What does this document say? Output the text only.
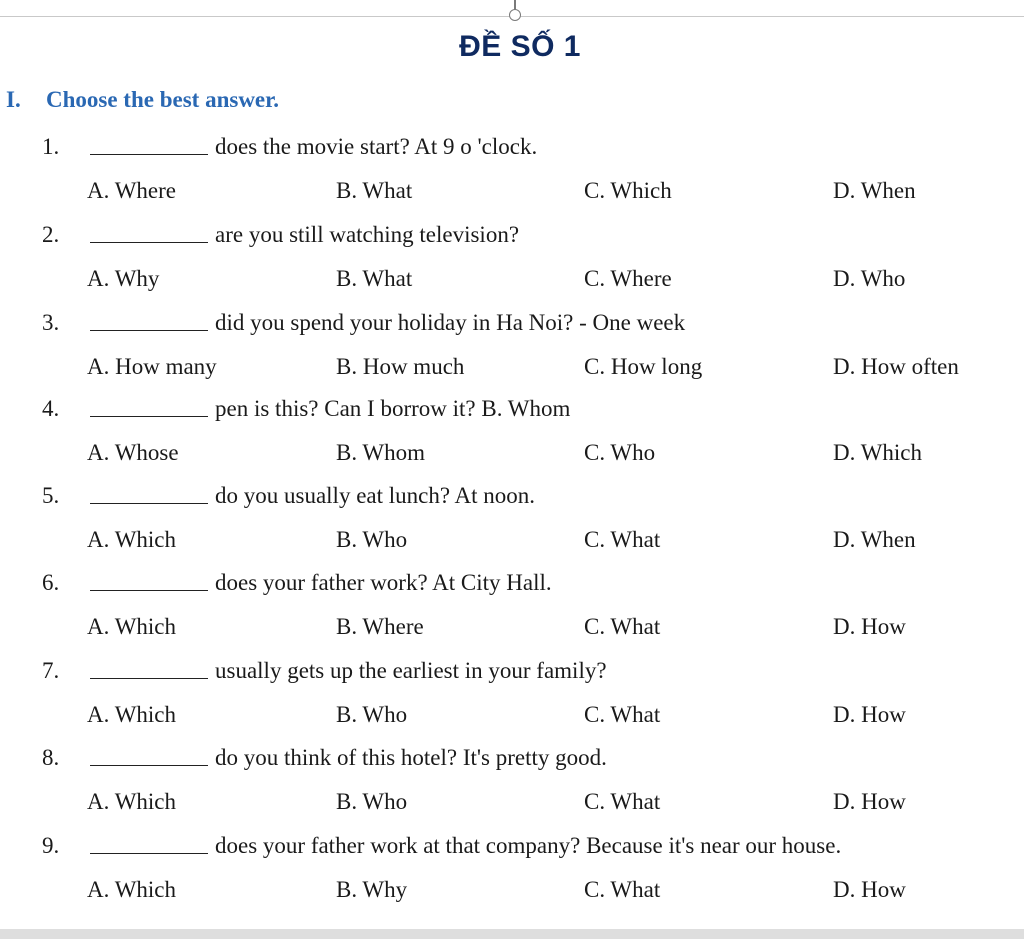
ĐỀ SỐ 1
I. Choose the best answer.
1.	does the movie start? At 9 o 'clock.
A. Where	B. What	C. Which	D. When
2.	are you still watching television?
A. Why	B. What	C. Where	D. Who
3.	did you spend your holiday in Ha Noi? - One week
A. How many	B. How much	C. How long	D. How often
4.	pen is this? Can I borrow it? B. Whom
A. Whose	B. Whom	C. Who	D. Which
5.	do you usually eat lunch? At noon.
A. Which	B. Who	C. What	D. When
6.	does your father work? At City Hall.
A. Which	B. Where	C. What	D. How
7.	usually gets up the earliest in your family?
A. Which	B. Who	C. What	D. How
8.	do you think of this hotel? It's pretty good.
A. Which	B. Who	C. What	D. How
9.	does your father work at that company? Because it's near our house.
A. Which	B. Why	C. What	D. How
